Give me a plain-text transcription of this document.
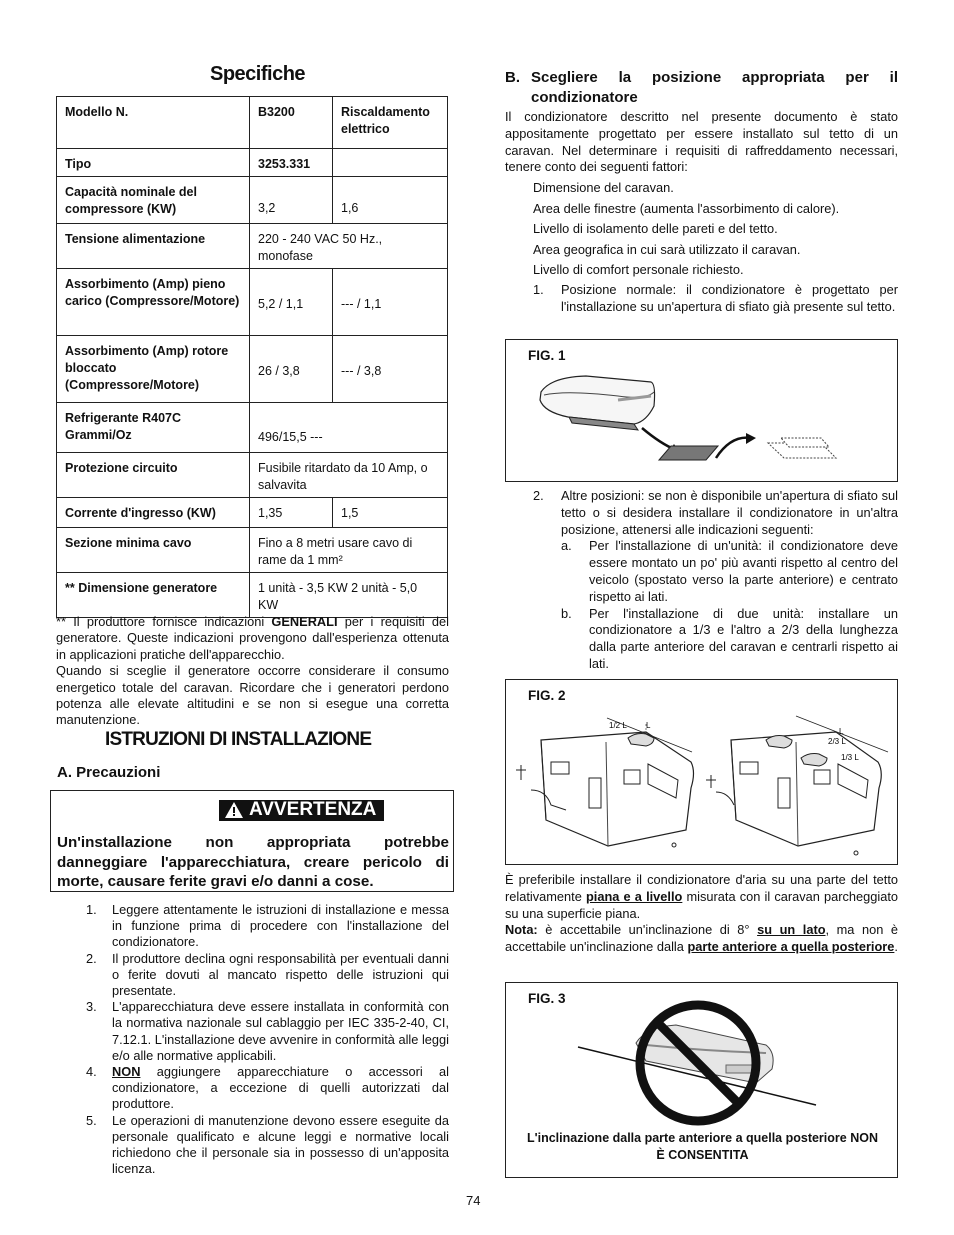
Specifiche
Modello N.	B3200	Riscaldamento elettrico
Tipo	3253.331	
Capacità nominale del compressore (KW)	3,2	1,6
Tensione alimentazione	220 - 240 VAC 50 Hz., monofase	
Assorbimento (Amp) pieno carico (Compressore/Motore)	5,2 / 1,1	--- / 1,1
Assorbimento (Amp) rotore bloccato (Compressore/Motore)	26 / 3,8	--- / 3,8
Refrigerante R407C Grammi/Oz	496/15,5 ---	
Protezione circuito	Fusibile ritardato da 10 Amp, o salvavita	
Corrente d'ingresso (KW)	1,35	1,5
Sezione minima cavo	Fino a 8 metri usare cavo di rame da 1 mm²	
** Dimensione generatore	1 unità - 3,5 KW 2 unità - 5,0 KW	
** Il produttore fornisce indicazioni GENERALI per i requisiti del generatore. Queste indicazioni provengono dall'esperienza ottenuta in applicazioni pratiche dell'apparecchio.
Quando si sceglie il generatore occorre considerare il consumo energetico totale del caravan. Ricordare che i generatori perdono potenza alle elevate altitudini e se non si esegue una corretta manutenzione.
ISTRUZIONI DI INSTALLAZIONE
A. Precauzioni
AVVERTENZA
Un'installazione non appropriata potrebbe danneggiare l'apparecchiatura, creare pericolo di morte, causare ferite gravi e/o danni a cose.
1. Leggere attentamente le istruzioni di installazione e messa in funzione prima di procedere con l'installazione del condizionatore.
2. Il produttore declina ogni responsabilità per eventuali danni o ferite dovuti al mancato rispetto delle istruzioni qui presentate.
3. L'apparecchiatura deve essere installata in conformità con la normativa nazionale sul cablaggio per IEC 335-2-40, CI, 7.12.1. L'installazione deve avvenire in conformità alle leggi e/o alle normative applicabili.
4. NON aggiungere apparecchiature o accessori al condizionatore, a eccezione di quelli autorizzati dal produttore.
5. Le operazioni di manutenzione devono essere eseguite da personale qualificato e alcune leggi e normative locali richiedono che il personale sia in possesso di un'apposita licenza.
B. Scegliere la posizione appropriata per il condizionatore
Il condizionatore descritto nel presente documento è stato appositamente progettato per essere installato sul tetto di un caravan. Nel determinare i requisiti di raffreddamento necessari, tenere conto dei seguenti fattori:
Dimensione del caravan.
Area delle finestre (aumenta l'assorbimento di calore).
Livello di isolamento delle pareti e del tetto.
Area geografica in cui sarà utilizzato il caravan.
Livello di comfort personale richiesto.
1.	Posizione normale: il condizionatore è progettato per l'installazione su un'apertura di sfiato già presente sul tetto.
FIG. 1
2.	Altre posizioni: se non è disponibile un'apertura di sfiato sul tetto o si desidera installare il condizionatore in un'altra posizione, attenersi alle indicazioni seguenti:
a. Per l'installazione di un'unità: il condizionatore deve essere montato un po' più avanti rispetto al centro del veicolo (spostato verso la parte anteriore) e centrato rispetto ai lati.
b. Per l'installazione di due unità: installare un condizionatore a 1/3 e l'altro a 2/3 della lunghezza dalla parte anteriore del caravan e centrarli rispetto ai lati.
FIG. 2
1/2 L L
L
2/3 L
1/3 L
È preferibile installare il condizionatore d'aria su una parte del tetto relativamente piana e a livello misurata con il caravan parcheggiato su una superficie piana.
Nota: è accettabile un'inclinazione di 8° su un lato, ma non è accettabile un'inclinazione dalla parte anteriore a quella posteriore.
FIG. 3
L'inclinazione dalla parte anteriore a quella posteriore NON È CONSENTITA
74
